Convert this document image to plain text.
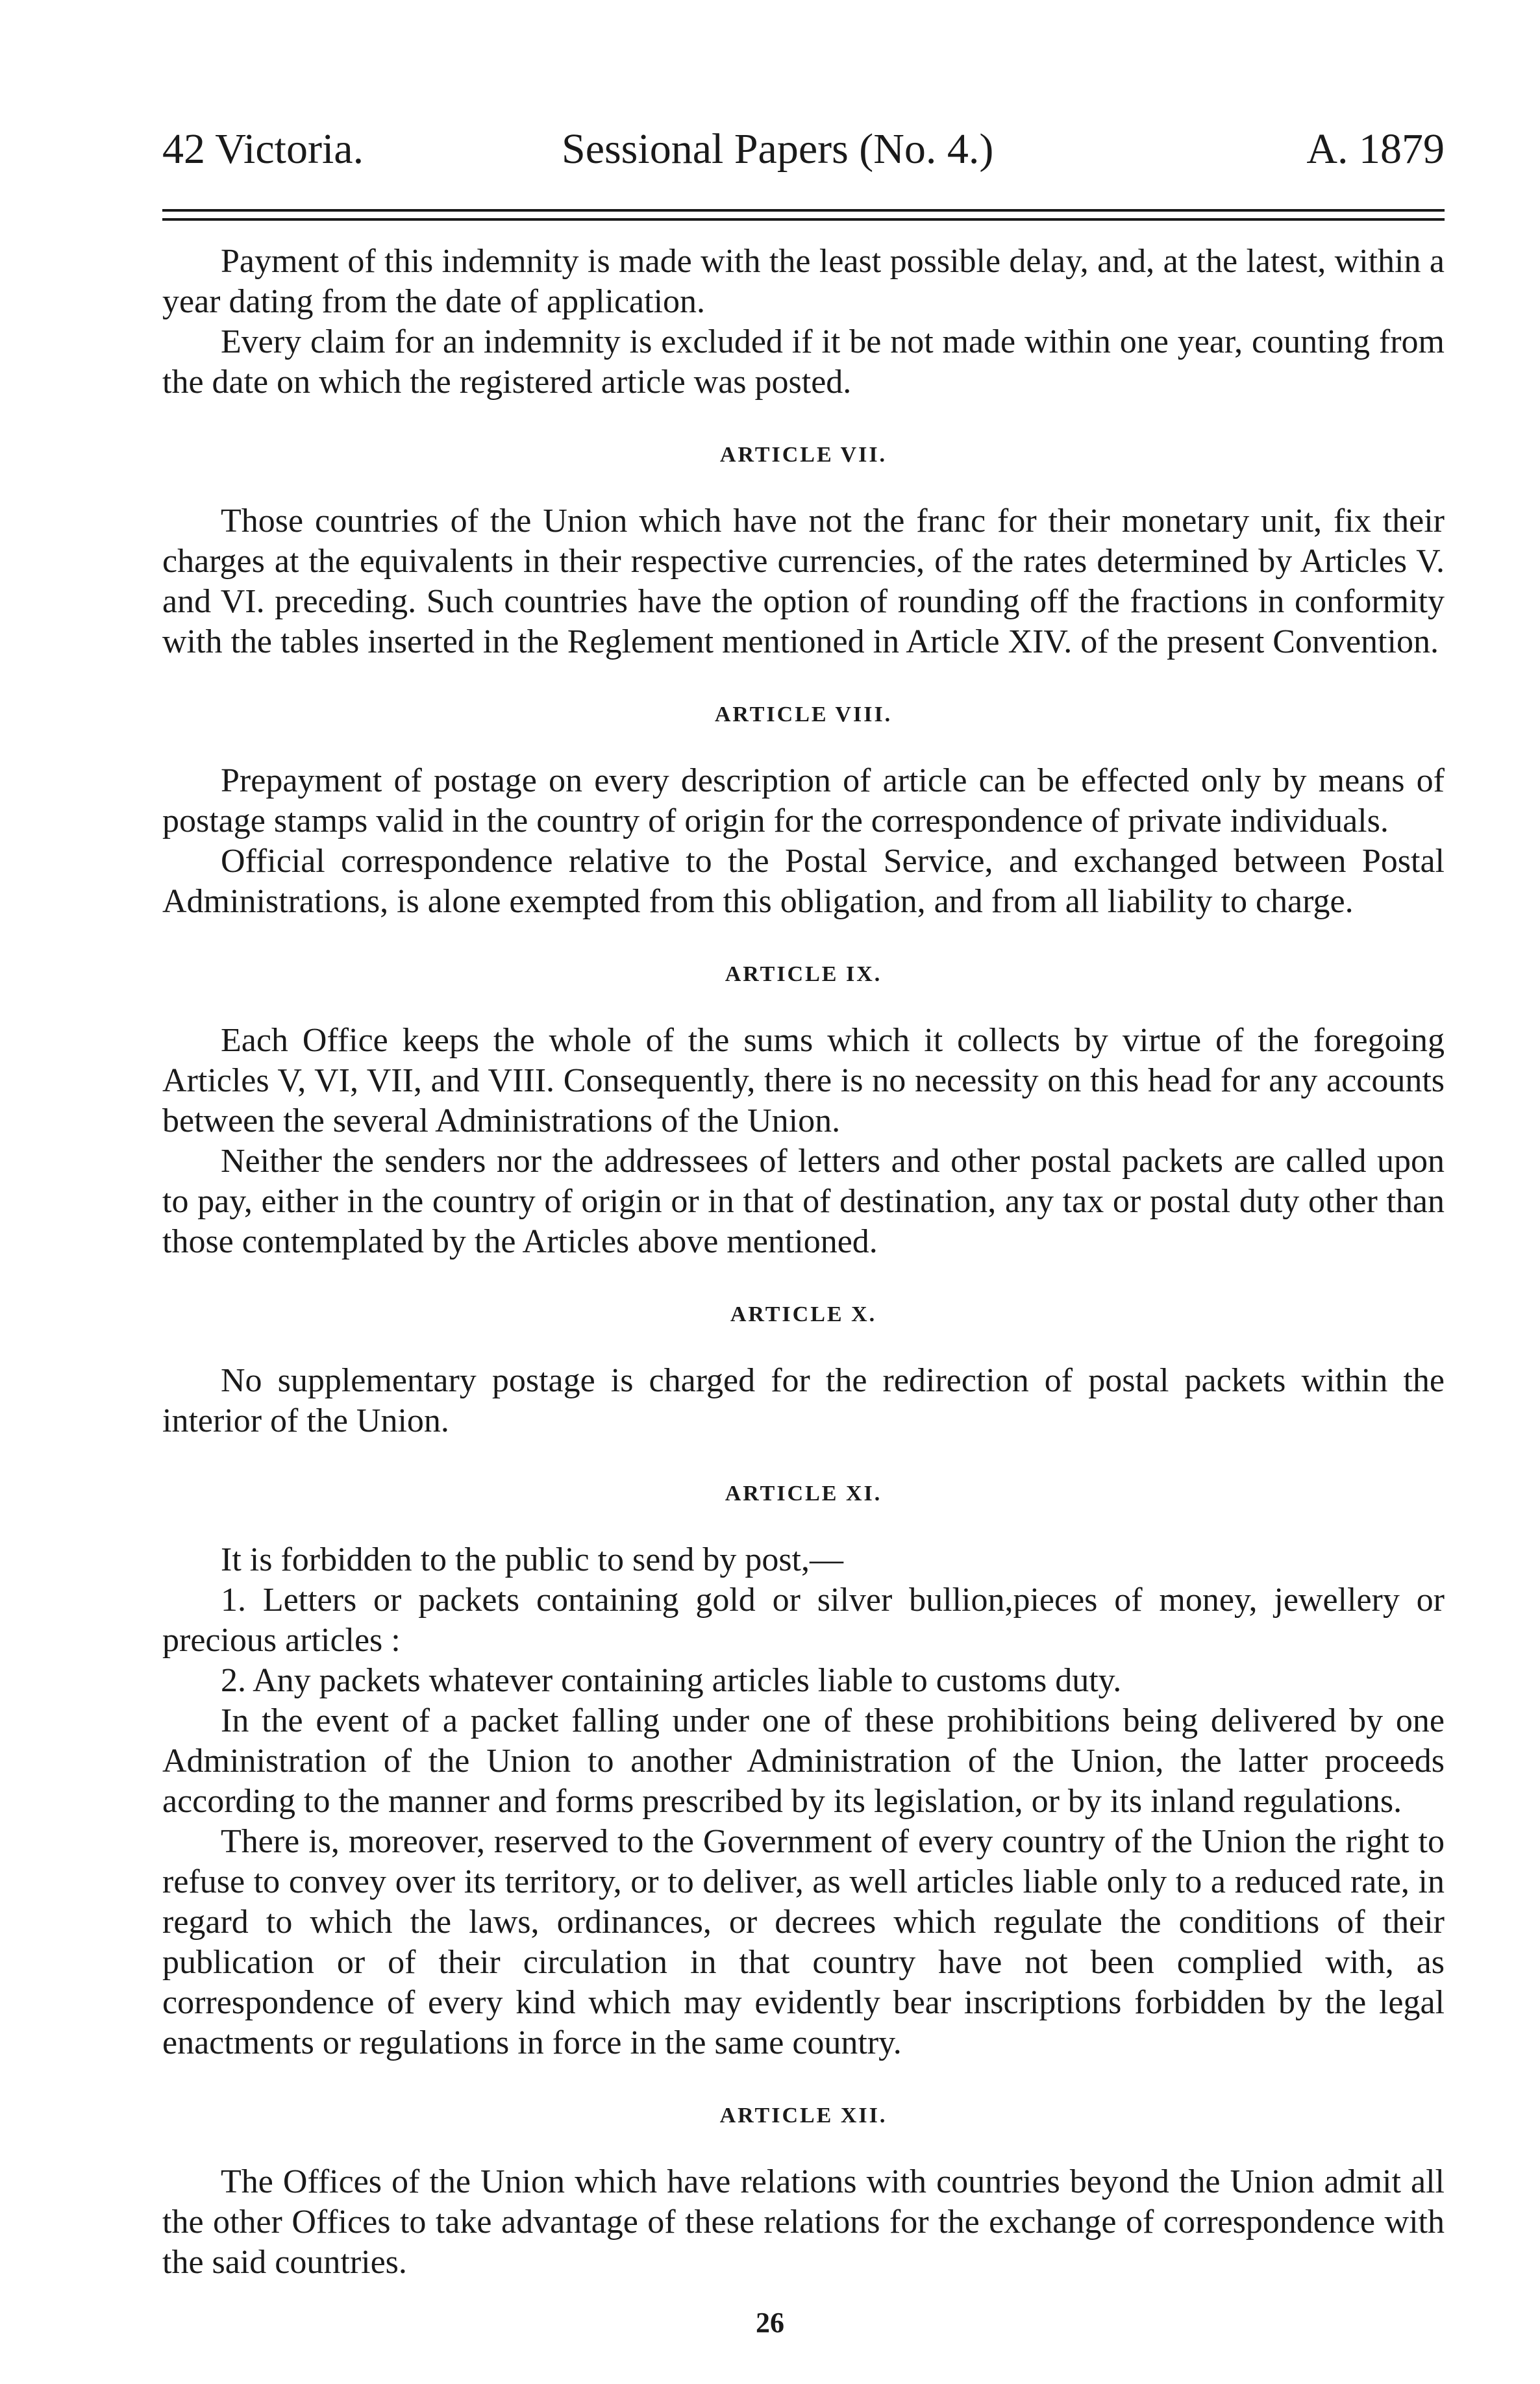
42 Victoria.	Sessional Papers (No. 4.)	A. 1879

Payment of this indemnity is made with the least possible delay, and, at the latest, within a year dating from the date of application.

Every claim for an indemnity is excluded if it be not made within one year, counting from the date on which the registered article was posted.

ARTICLE VII.

Those countries of the Union which have not the franc for their monetary unit, fix their charges at the equivalents in their respective currencies, of the rates determined by Articles V. and VI. preceding. Such countries have the option of rounding off the fractions in conformity with the tables inserted in the Reglement mentioned in Article XIV. of the present Convention.

ARTICLE VIII.

Prepayment of postage on every description of article can be effected only by means of postage stamps valid in the country of origin for the correspondence of private individuals.

Official correspondence relative to the Postal Service, and exchanged between Postal Administrations, is alone exempted from this obligation, and from all liability to charge.

ARTICLE IX.

Each Office keeps the whole of the sums which it collects by virtue of the foregoing Articles V, VI, VII, and VIII. Consequently, there is no necessity on this head for any accounts between the several Administrations of the Union.

Neither the senders nor the addressees of letters and other postal packets are called upon to pay, either in the country of origin or in that of destination, any tax or postal duty other than those contemplated by the Articles above mentioned.

ARTICLE X.

No supplementary postage is charged for the redirection of postal packets within the interior of the Union.

ARTICLE XI.

It is forbidden to the public to send by post,—

1. Letters or packets containing gold or silver bullion,pieces of money, jewellery or precious articles :

2. Any packets whatever containing articles liable to customs duty.

In the event of a packet falling under one of these prohibitions being delivered by one Administration of the Union to another Administration of the Union, the latter proceeds according to the manner and forms prescribed by its legislation, or by its inland regulations.

There is, moreover, reserved to the Government of every country of the Union the right to refuse to convey over its territory, or to deliver, as well articles liable only to a reduced rate, in regard to which the laws, ordinances, or decrees which regulate the conditions of their publication or of their circulation in that country have not been complied with, as correspondence of every kind which may evidently bear inscriptions forbidden by the legal enactments or regulations in force in the same country.

ARTICLE XII.

The Offices of the Union which have relations with countries beyond the Union admit all the other Offices to take advantage of these relations for the exchange of correspondence with the said countries.

26
